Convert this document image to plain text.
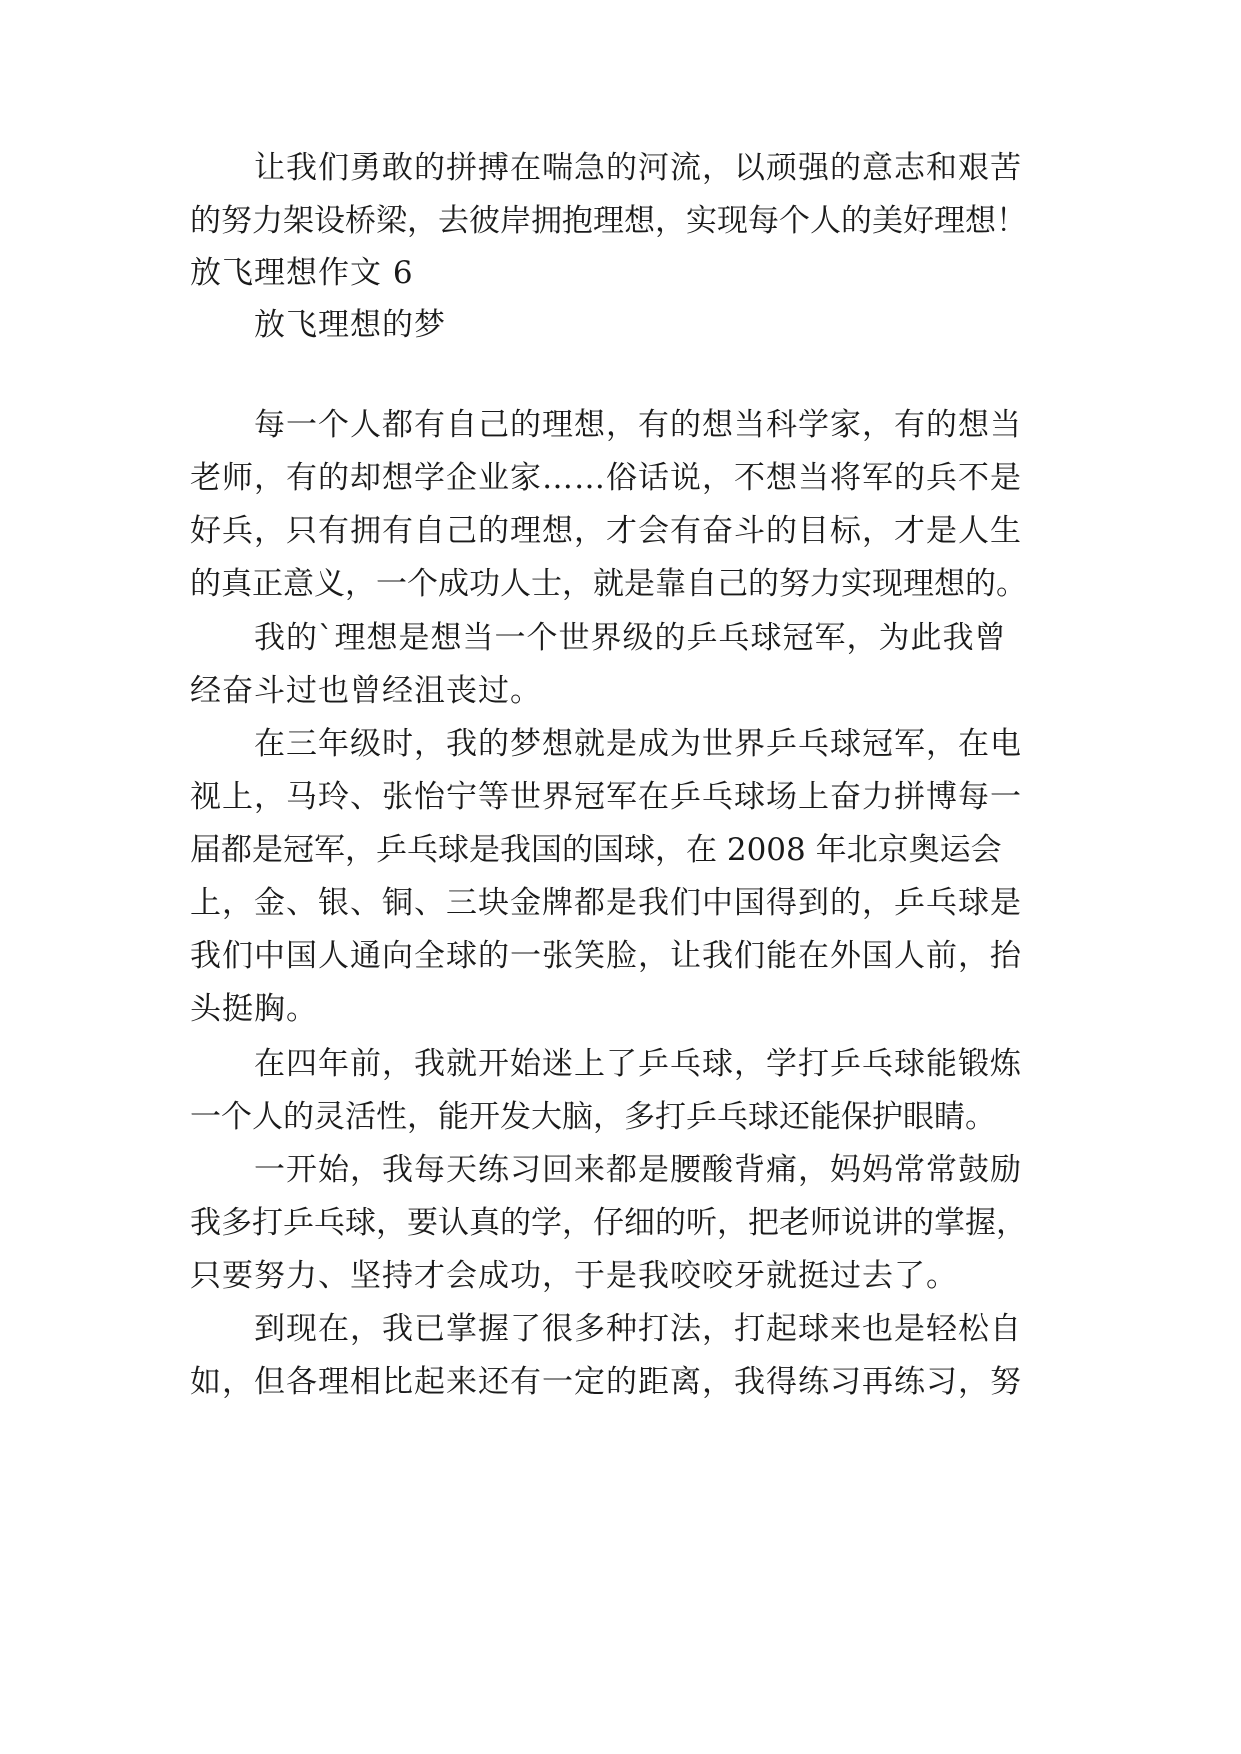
让我们勇敢的拼搏在喘急的河流，以顽强的意志和艰苦
的努力架设桥梁，去彼岸拥抱理想，实现每个人的美好理想！
放飞理想作文 6
放飞理想的梦
每一个人都有自己的理想，有的想当科学家，有的想当
老师，有的却想学企业家……俗话说，不想当将军的兵不是
好兵，只有拥有自己的理想，才会有奋斗的目标，才是人生
的真正意义，一个成功人士，就是靠自己的努力实现理想的。
我的`理想是想当一个世界级的乒乓球冠军，为此我曾
经奋斗过也曾经沮丧过。
在三年级时，我的梦想就是成为世界乒乓球冠军，在电
视上，马玲、张怡宁等世界冠军在乒乓球场上奋力拼博每一
届都是冠军，乒乓球是我国的国球，在 2008 年北京奥运会
上，金、银、铜、三块金牌都是我们中国得到的，乒乓球是
我们中国人通向全球的一张笑脸，让我们能在外国人前，抬
头挺胸。
在四年前，我就开始迷上了乒乓球，学打乒乓球能锻炼
一个人的灵活性，能开发大脑，多打乒乓球还能保护眼睛。
一开始，我每天练习回来都是腰酸背痛，妈妈常常鼓励
我多打乒乓球，要认真的学，仔细的听，把老师说讲的掌握，
只要努力、坚持才会成功，于是我咬咬牙就挺过去了。
到现在，我已掌握了很多种打法，打起球来也是轻松自
如，但各理相比起来还有一定的距离，我得练习再练习，努
